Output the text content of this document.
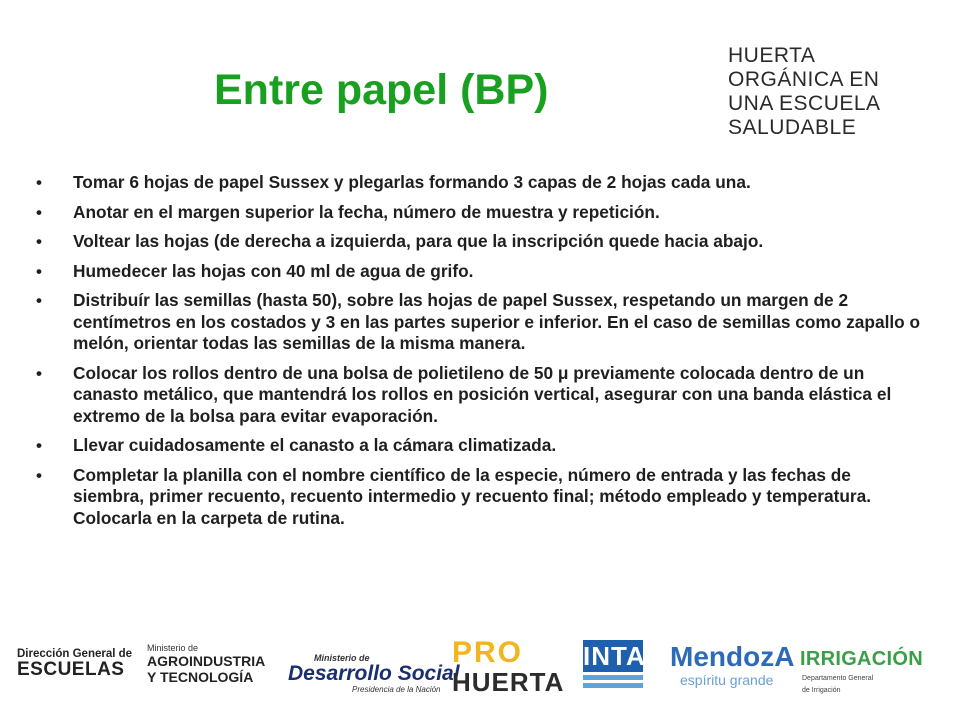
Entre papel (BP)
HUERTA
ORGÁNICA EN
UNA ESCUELA
SALUDABLE
• Tomar 6 hojas de papel Sussex y plegarlas formando 3 capas de 2 hojas cada una.
• Anotar en el margen superior la fecha, número de muestra y repetición.
• Voltear las hojas (de derecha a izquierda, para que la inscripción quede hacia abajo.
• Humedecer las hojas con 40 ml de agua de grifo.
• Distribuír las semillas (hasta 50), sobre las hojas de papel Sussex, respetando un margen de 2 centímetros en los costados y 3 en las partes superior e inferior. En el caso de semillas como zapallo o melón, orientar todas las semillas de la misma manera.
• Colocar los rollos dentro de una bolsa de polietileno de 50 μ previamente colocada dentro de un canasto metálico, que mantendrá los rollos en posición vertical, asegurar con una banda elástica el extremo de la bolsa para evitar evaporación.
• Llevar cuidadosamente el canasto a la cámara climatizada.
• Completar la planilla con el nombre científico de la especie, número de entrada y las fechas de siembra, primer recuento, recuento intermedio y recuento final; método empleado y temperatura. Colocarla en la carpeta de rutina.
Dirección General de
ESCUELAS
Ministerio de
AGROINDUSTRIA
Y TECNOLOGÍA
Ministerio de
Desarrollo Social
Presidencia de la Nación
PRO
HUERTA
INTA MendozA
espíritu grande
IRRIGACIÓN
Departamento General
de Irrigación
